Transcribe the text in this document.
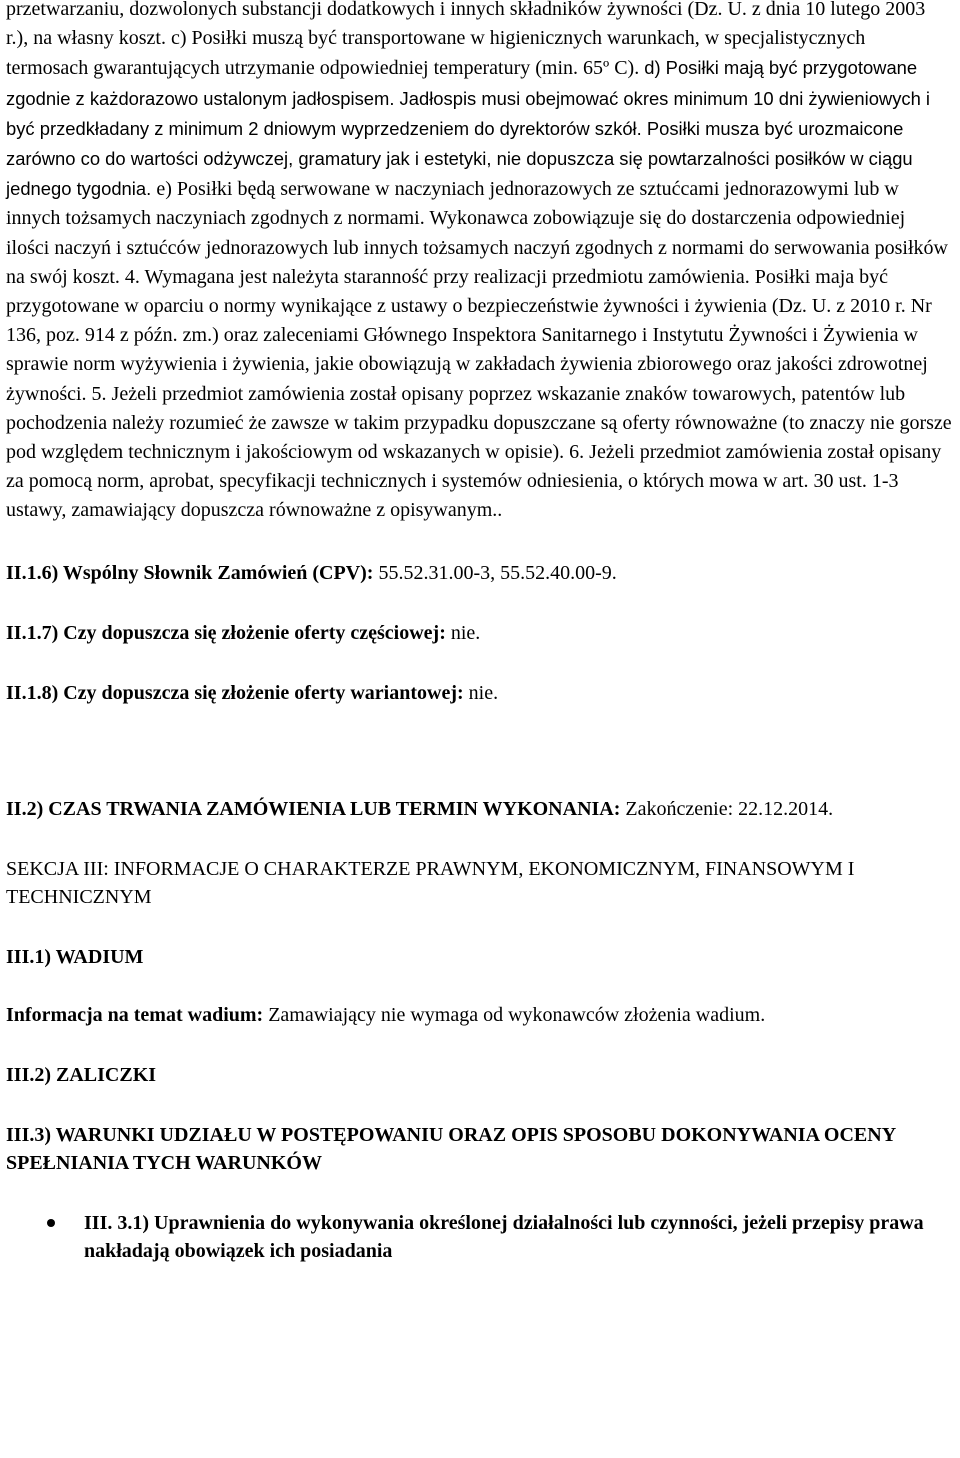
przetwarzaniu, dozwolonych substancji dodatkowych i innych składników żywności (Dz. U. z dnia 10 lutego 2003 r.), na własny koszt. c) Posiłki muszą być transportowane w higienicznych warunkach, w specjalistycznych termosach gwarantujących utrzymanie odpowiedniej temperatury (min. 65º C). d) Posiłki mają być przygotowane zgodnie z każdorazowo ustalonym jadłospisem. Jadłospis musi obejmować okres minimum 10 dni żywieniowych i być przedkładany z minimum 2 dniowym wyprzedzeniem do dyrektorów szkół. Posiłki musza być urozmaicone zarówno co do wartości odżywczej, gramatury jak i estetyki, nie dopuszcza się powtarzalności posiłków w ciągu jednego tygodnia. e) Posiłki będą serwowane w naczyniach jednorazowych ze sztućcami jednorazowymi lub w innych tożsamych naczyniach zgodnych z normami. Wykonawca zobowiązuje się do dostarczenia odpowiedniej ilości naczyń i sztućców jednorazowych lub innych tożsamych naczyń zgodnych z normami do serwowania posiłków na swój koszt. 4. Wymagana jest należyta staranność przy realizacji przedmiotu zamówienia. Posiłki maja być przygotowane w oparciu o normy wynikające z ustawy o bezpieczeństwie żywności i żywienia (Dz. U. z 2010 r. Nr 136, poz. 914 z późn. zm.) oraz zaleceniami Głównego Inspektora Sanitarnego i Instytutu Żywności i Żywienia w sprawie norm wyżywienia i żywienia, jakie obowiązują w zakładach żywienia zbiorowego oraz jakości zdrowotnej żywności. 5. Jeżeli przedmiot zamówienia został opisany poprzez wskazanie znaków towarowych, patentów lub pochodzenia należy rozumieć że zawsze w takim przypadku dopuszczane są oferty równoważne (to znaczy nie gorsze pod względem technicznym i jakościowym od wskazanych w opisie). 6. Jeżeli przedmiot zamówienia został opisany za pomocą norm, aprobat, specyfikacji technicznych i systemów odniesienia, o których mowa w art. 30 ust. 1-3 ustawy, zamawiający dopuszcza równoważne z opisywanym..

II.1.6) Wspólny Słownik Zamówień (CPV): 55.52.31.00-3, 55.52.40.00-9.

II.1.7) Czy dopuszcza się złożenie oferty częściowej: nie.

II.1.8) Czy dopuszcza się złożenie oferty wariantowej: nie.

II.2) CZAS TRWANIA ZAMÓWIENIA LUB TERMIN WYKONANIA: Zakończenie: 22.12.2014.

SEKCJA III: INFORMACJE O CHARAKTERZE PRAWNYM, EKONOMICZNYM, FINANSOWYM I TECHNICZNYM

III.1) WADIUM

Informacja na temat wadium: Zamawiający nie wymaga od wykonawców złożenia wadium.

III.2) ZALICZKI

III.3) WARUNKI UDZIAŁU W POSTĘPOWANIU ORAZ OPIS SPOSOBU DOKONYWANIA OCENY SPEŁNIANIA TYCH WARUNKÓW

III. 3.1) Uprawnienia do wykonywania określonej działalności lub czynności, jeżeli przepisy prawa nakładają obowiązek ich posiadania
